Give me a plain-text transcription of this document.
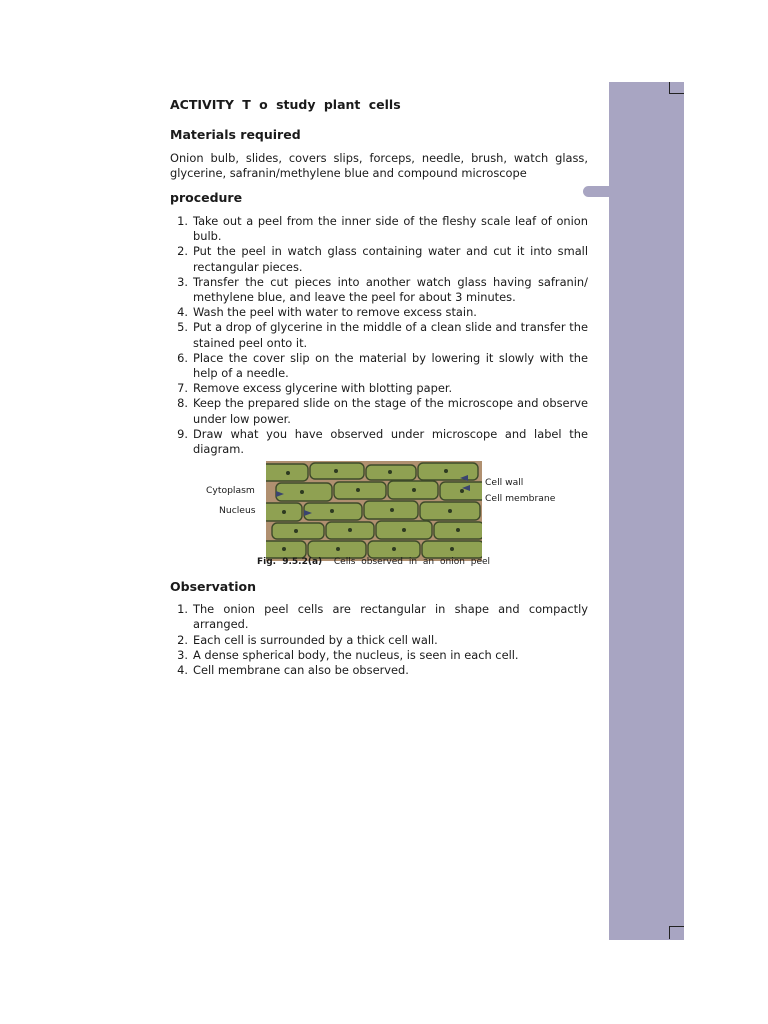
ACTIVITY T o study plant cells
Materials required

Onion bulb, slides, covers slips, forceps, needle, brush, watch glass, glycerine, safranin/methylene blue and compound microscope

procedure
1. Take out a peel from the inner side of the fleshy scale leaf of onion bulb.
2. Put the peel in watch glass containing water and cut it into small rectangular pieces.
3. Transfer the cut pieces into another watch glass having safranin/ methylene blue, and leave the peel for about 3 minutes.
4. Wash the peel with water to remove excess stain.
5. Put a drop of glycerine in the middle of a clean slide and transfer the stained peel onto it.
6. Place the cover slip on the material by lowering it slowly with the help of a needle.
7. Remove excess glycerine with blotting paper.
8. Keep the prepared slide on the stage of the microscope and observe under low power.
9. Draw what you have observed under microscope and label the diagram.
Cytoplasm
Nucleus
Cell wall
Cell membrane
Fig. 9.5.2(a) Cells observed in an onion peel
Observation
1. The onion peel cells are rectangular in shape and compactly arranged.
2. Each cell is surrounded by a thick cell wall.
3. A dense spherical body, the nucleus, is seen in each cell.
4. Cell membrane can also be observed.
